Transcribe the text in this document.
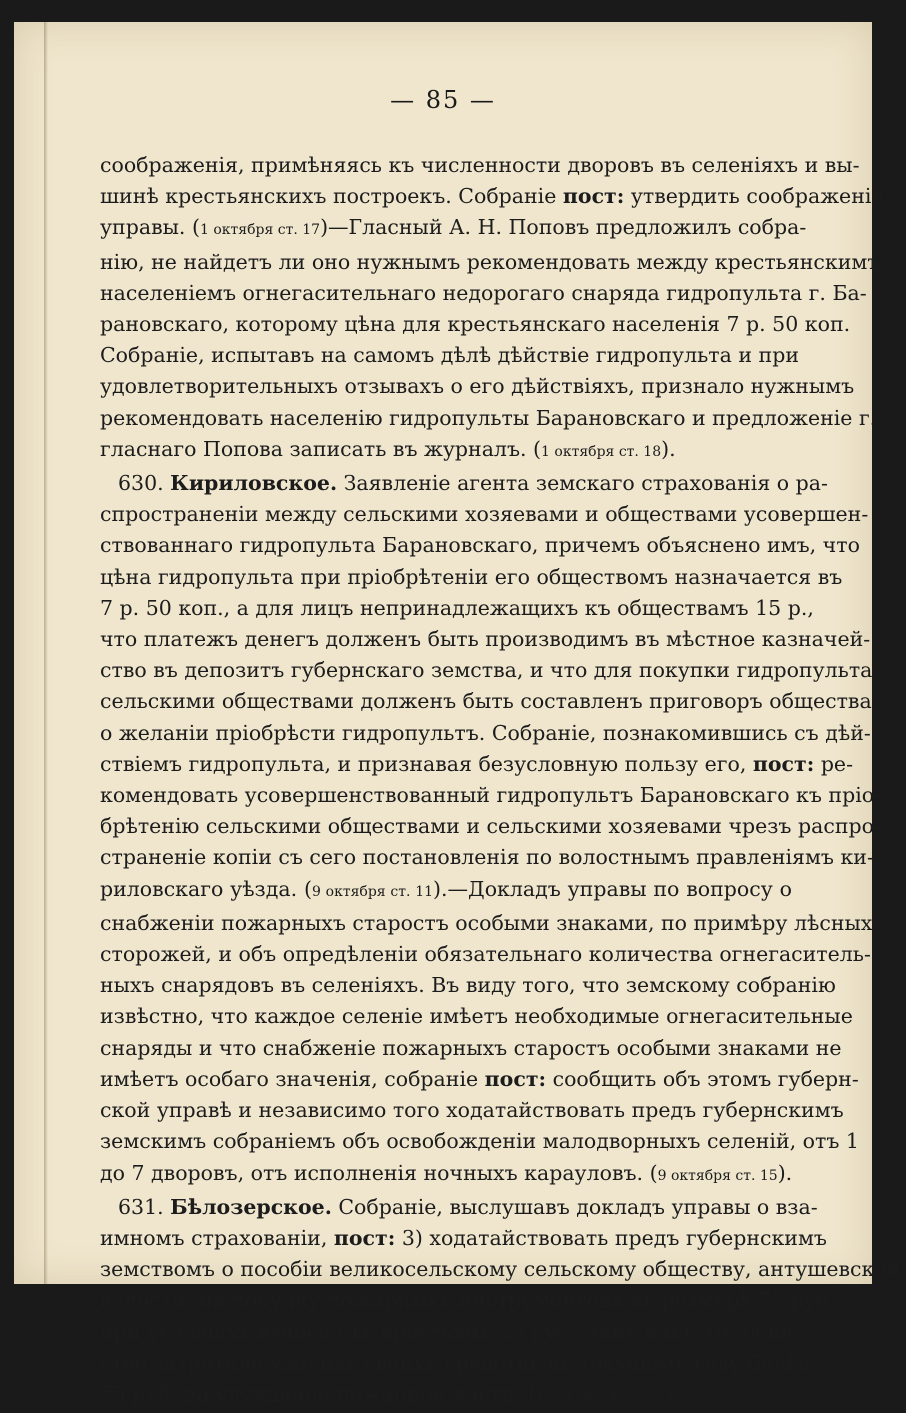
— 85 —
соображенія, примѣняясь къ численности дворовъ въ селеніяхъ и вы-
шинѣ крестьянскихъ построекъ. Собраніе пост: утвердить соображенія
управы. (1 октября ст. 17)—Гласный А. Н. Поповъ предложилъ собра-
нію, не найдетъ ли оно нужнымъ рекомендовать между крестьянскимъ
населеніемъ огнегасительнаго недорогаго снаряда гидропульта г. Ба-
рановскаго, которому цѣна для крестьянскаго населенія 7 р. 50 коп.
Собраніе, испытавъ на самомъ дѣлѣ дѣйствіе гидропульта и при
удовлетворительныхъ отзывахъ о его дѣйствіяхъ, признало нужнымъ
рекомендовать населенію гидропульты Барановскаго и предложеніе г.
гласнаго Попова записать въ журналъ. (1 октября ст. 18).
630. Кириловское. Заявленіе агента земскаго страхованія о ра-
спространеніи между сельскими хозяевами и обществами усовершен-
ствованнаго гидропульта Барановскаго, причемъ объяснено имъ, что
цѣна гидропульта при пріобрѣтеніи его обществомъ назначается въ
7 р. 50 коп., а для лицъ непринадлежащихъ къ обществамъ 15 р.,
что платежъ денегъ долженъ быть производимъ въ мѣстное казначей-
ство въ депозитъ губернскаго земства, и что для покупки гидропульта
сельскими обществами долженъ быть составленъ приговоръ общества
о желаніи пріобрѣсти гидропультъ. Собраніе, познакомившись съ дѣй-
ствіемъ гидропульта, и признавая безусловную пользу его, пост: ре-
комендовать усовершенствованный гидропультъ Барановскаго къ пріо-
брѣтенію сельскими обществами и сельскими хозяевами чрезъ распро-
страненіе копіи съ сего постановленія по волостнымъ правленіямъ ки-
риловскаго уѣзда. (9 октября ст. 11).—Докладъ управы по вопросу о
снабженіи пожарныхъ старостъ особыми знаками, по примѣру лѣсныхъ
сторожей, и объ опредѣленіи обязательнаго количества огнегаситель-
ныхъ снарядовъ въ селеніяхъ. Въ виду того, что земскому собранію
извѣстно, что каждое селеніе имѣетъ необходимые огнегасительные
снаряды и что снабженіе пожарныхъ старостъ особыми знаками не
имѣетъ особаго значенія, собраніе пост: сообщить объ этомъ губерн-
ской управѣ и независимо того ходатайствовать предъ губернскимъ
земскимъ собраніемъ объ освобожденіи малодворныхъ селеній, отъ 1
до 7 дворовъ, отъ исполненія ночныхъ карауловъ. (9 октября ст. 15).
631. Бѣлозерское. Собраніе, выслушавъ докладъ управы о вза-
имномъ страхованіи, пост: 3) ходатайствовать предъ губернскимъ
земствомъ о пособіи великосельскому сельскому обществу, антушевской
волости, на покупку пожарныхъ инструментовъ въ размѣрѣ 75 руб.
при условіяхъ взноса отъ крестьянъ 25 руб., такъ какъ это обще-
ство затратило уже изъ своихъ средствъ въ текущемъ году болѣе
75 руб. на улучшеніе пожарной части. (11 октября ст. 32).
